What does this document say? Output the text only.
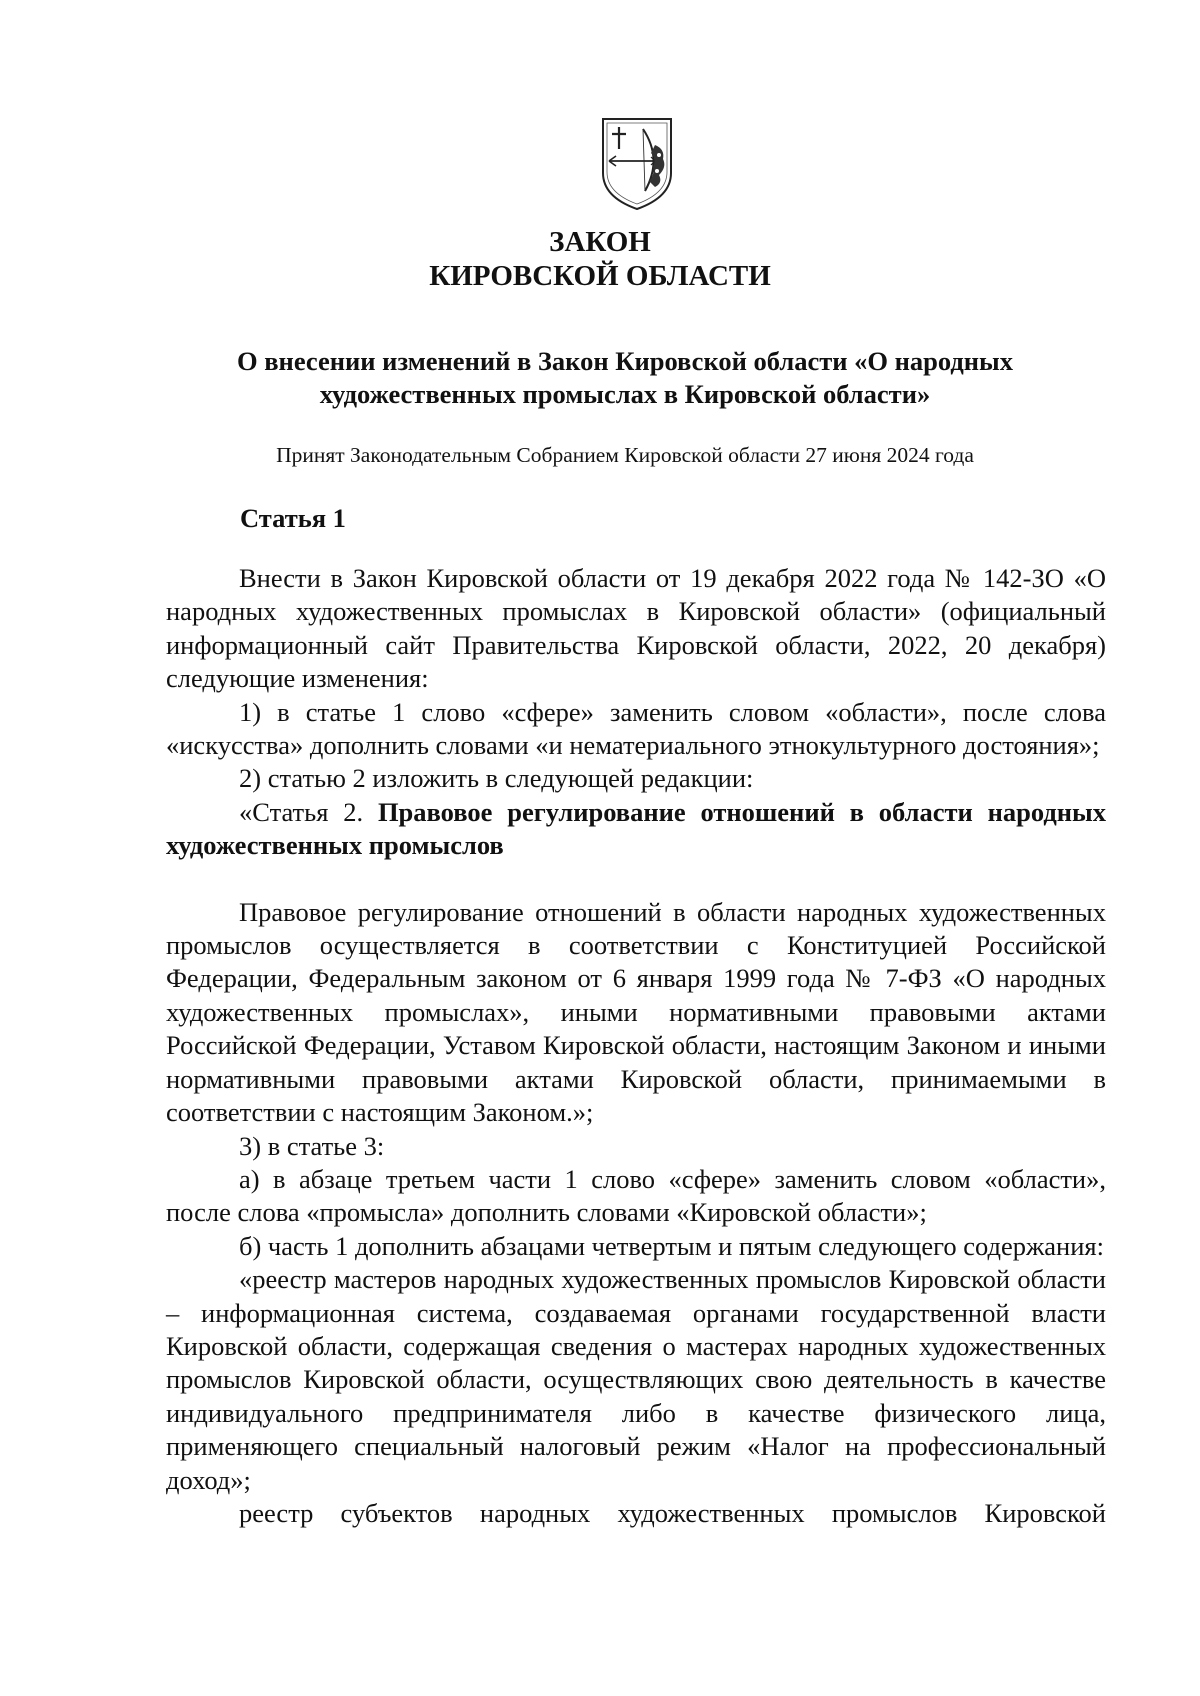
ЗАКОН
КИРОВСКОЙ ОБЛАСТИ
О внесении изменений в Закон Кировской области «О народных
художественных промыслах в Кировской области»
Принят Законодательным Собранием Кировской области 27 июня 2024 года
Статья 1

Внести в Закон Кировской области от 19 декабря 2022 года № 142-ЗО «О народных художественных промыслах в Кировской области» (официальный информационный сайт Правительства Кировской области, 2022, 20 декабря) следующие изменения:

1) в статье 1 слово «сфере» заменить словом «области», после слова «искусства» дополнить словами «и нематериального этнокультурного достояния»;

2) статью 2 изложить в следующей редакции:

«Статья 2. Правовое регулирование отношений в области народных художественных промыслов

Правовое регулирование отношений в области народных художественных промыслов осуществляется в соответствии с Конституцией Российской Федерации, Федеральным законом от 6 января 1999 года № 7-ФЗ «О народных художественных промыслах», иными нормативными правовыми актами Российской Федерации, Уставом Кировской области, настоящим Законом и иными нормативными правовыми актами Кировской области, принимаемыми в соответствии с настоящим Законом.»;

3) в статье 3:

а) в абзаце третьем части 1 слово «сфере» заменить словом «области», после слова «промысла» дополнить словами «Кировской области»;

б) часть 1 дополнить абзацами четвертым и пятым следующего содержания:

«реестр мастеров народных художественных промыслов Кировской области – информационная система, создаваемая органами государственной власти Кировской области, содержащая сведения о мастерах народных художественных промыслов Кировской области, осуществляющих свою деятельность в качестве индивидуального предпринимателя либо в качестве физического лица, применяющего специальный налоговый режим «Налог на профессиональный доход»;

реестр субъектов народных художественных промыслов Кировской
